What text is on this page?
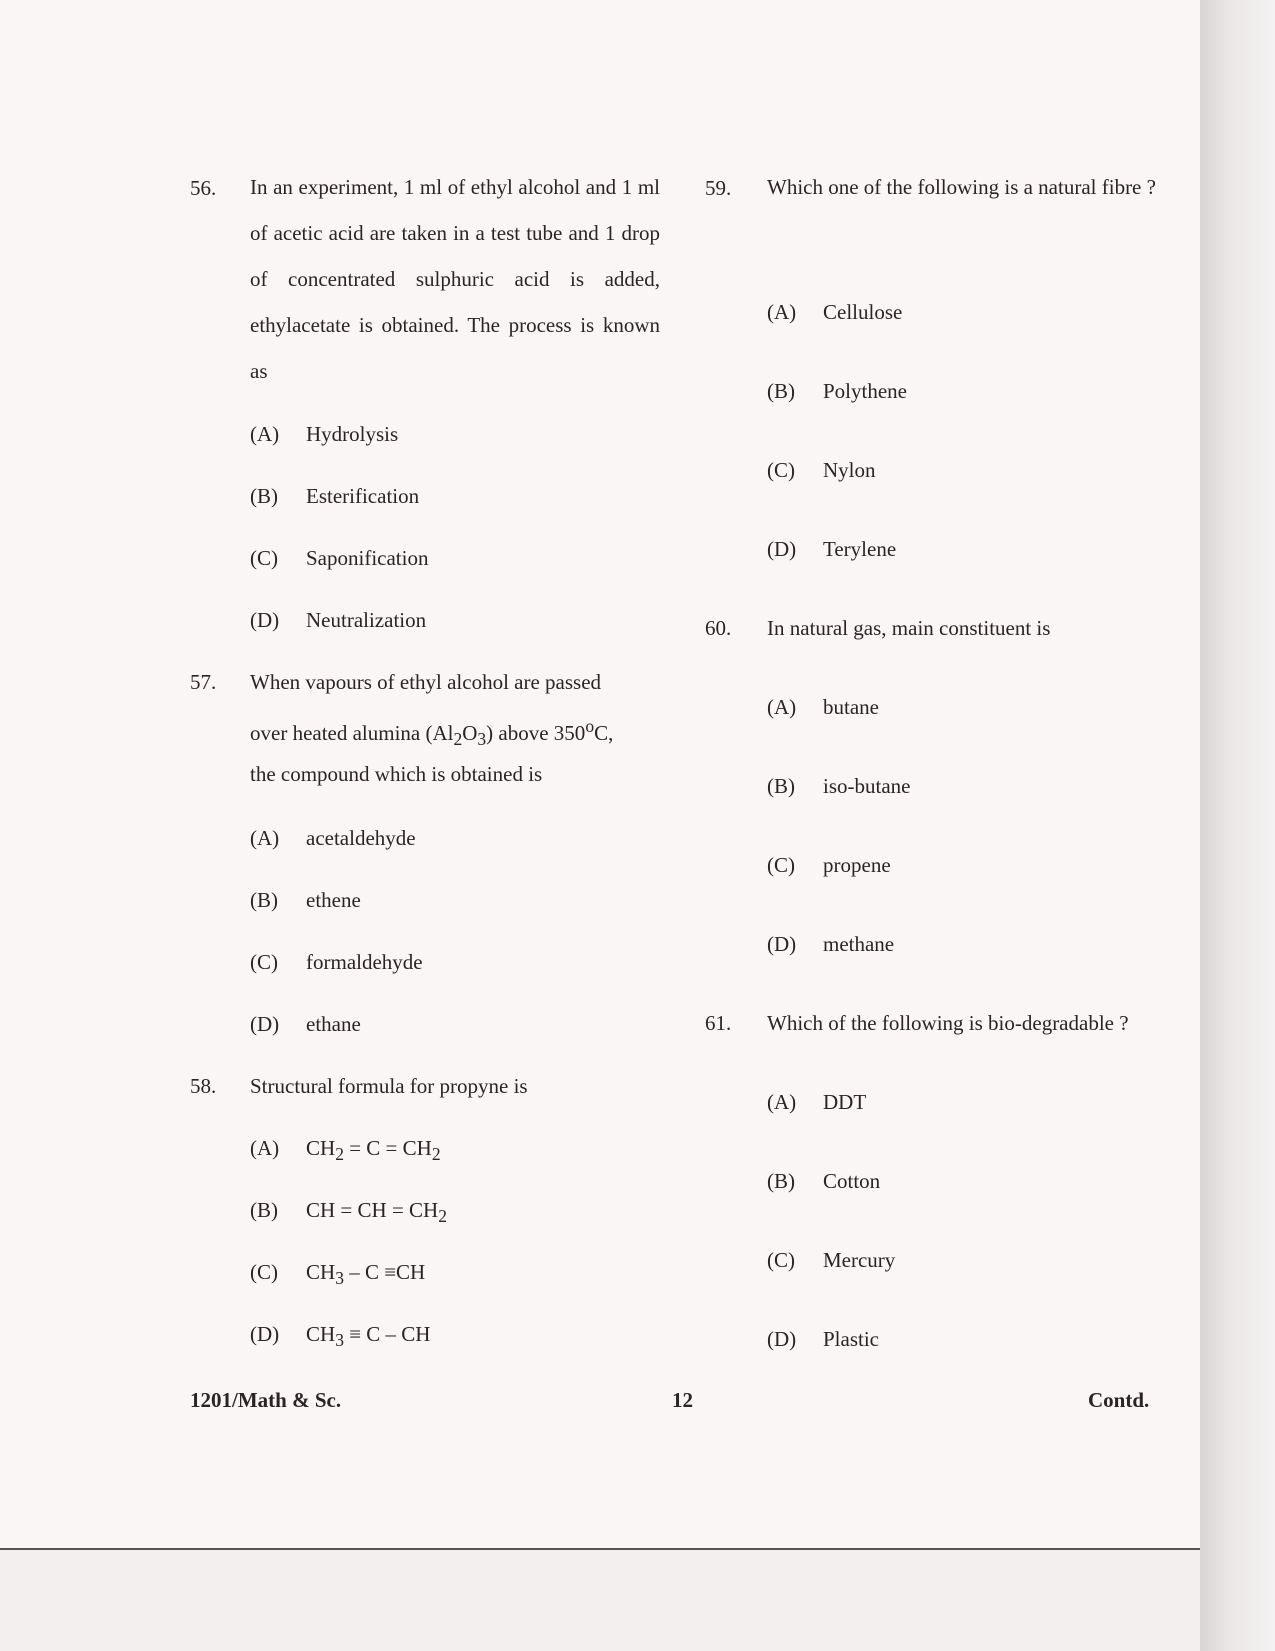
56. In an experiment, 1 ml of ethyl alcohol and 1 ml of acetic acid are taken in a test tube and 1 drop of concentrated sulphuric acid is added, ethylacetate is obtained. The process is known as
(A) Hydrolysis
(B) Esterification
(C) Saponification
(D) Neutralization
57. When vapours of ethyl alcohol are passed
over heated alumina $(Al_2O_3)$ above 350$^o$C,
the compound which is obtained is
(A) acetaldehyde
(B) ethene
(C) formaldehyde
(D) ethane
58. Structural formula for propyne is
(A) $CH_2 = C = CH_2$
(B) CH = CH = $CH_2$
(C) $CH_3 - C \equiv CH$
(D) $CH_3 \equiv C$ – CH
59. Which one of the following is a natural fibre ?
(A) Cellulose
(B) Polythene
(C) Nylon
(D) Terylene
60. In natural gas, main constituent is
(A) butane
(B) iso-butane
(C) propene
(D) methane
61. Which of the following is bio-degradable ?
(A) DDT
(B) Cotton
(C) Mercury
(D) Plastic
1201/Math & Sc.	12	Contd.
